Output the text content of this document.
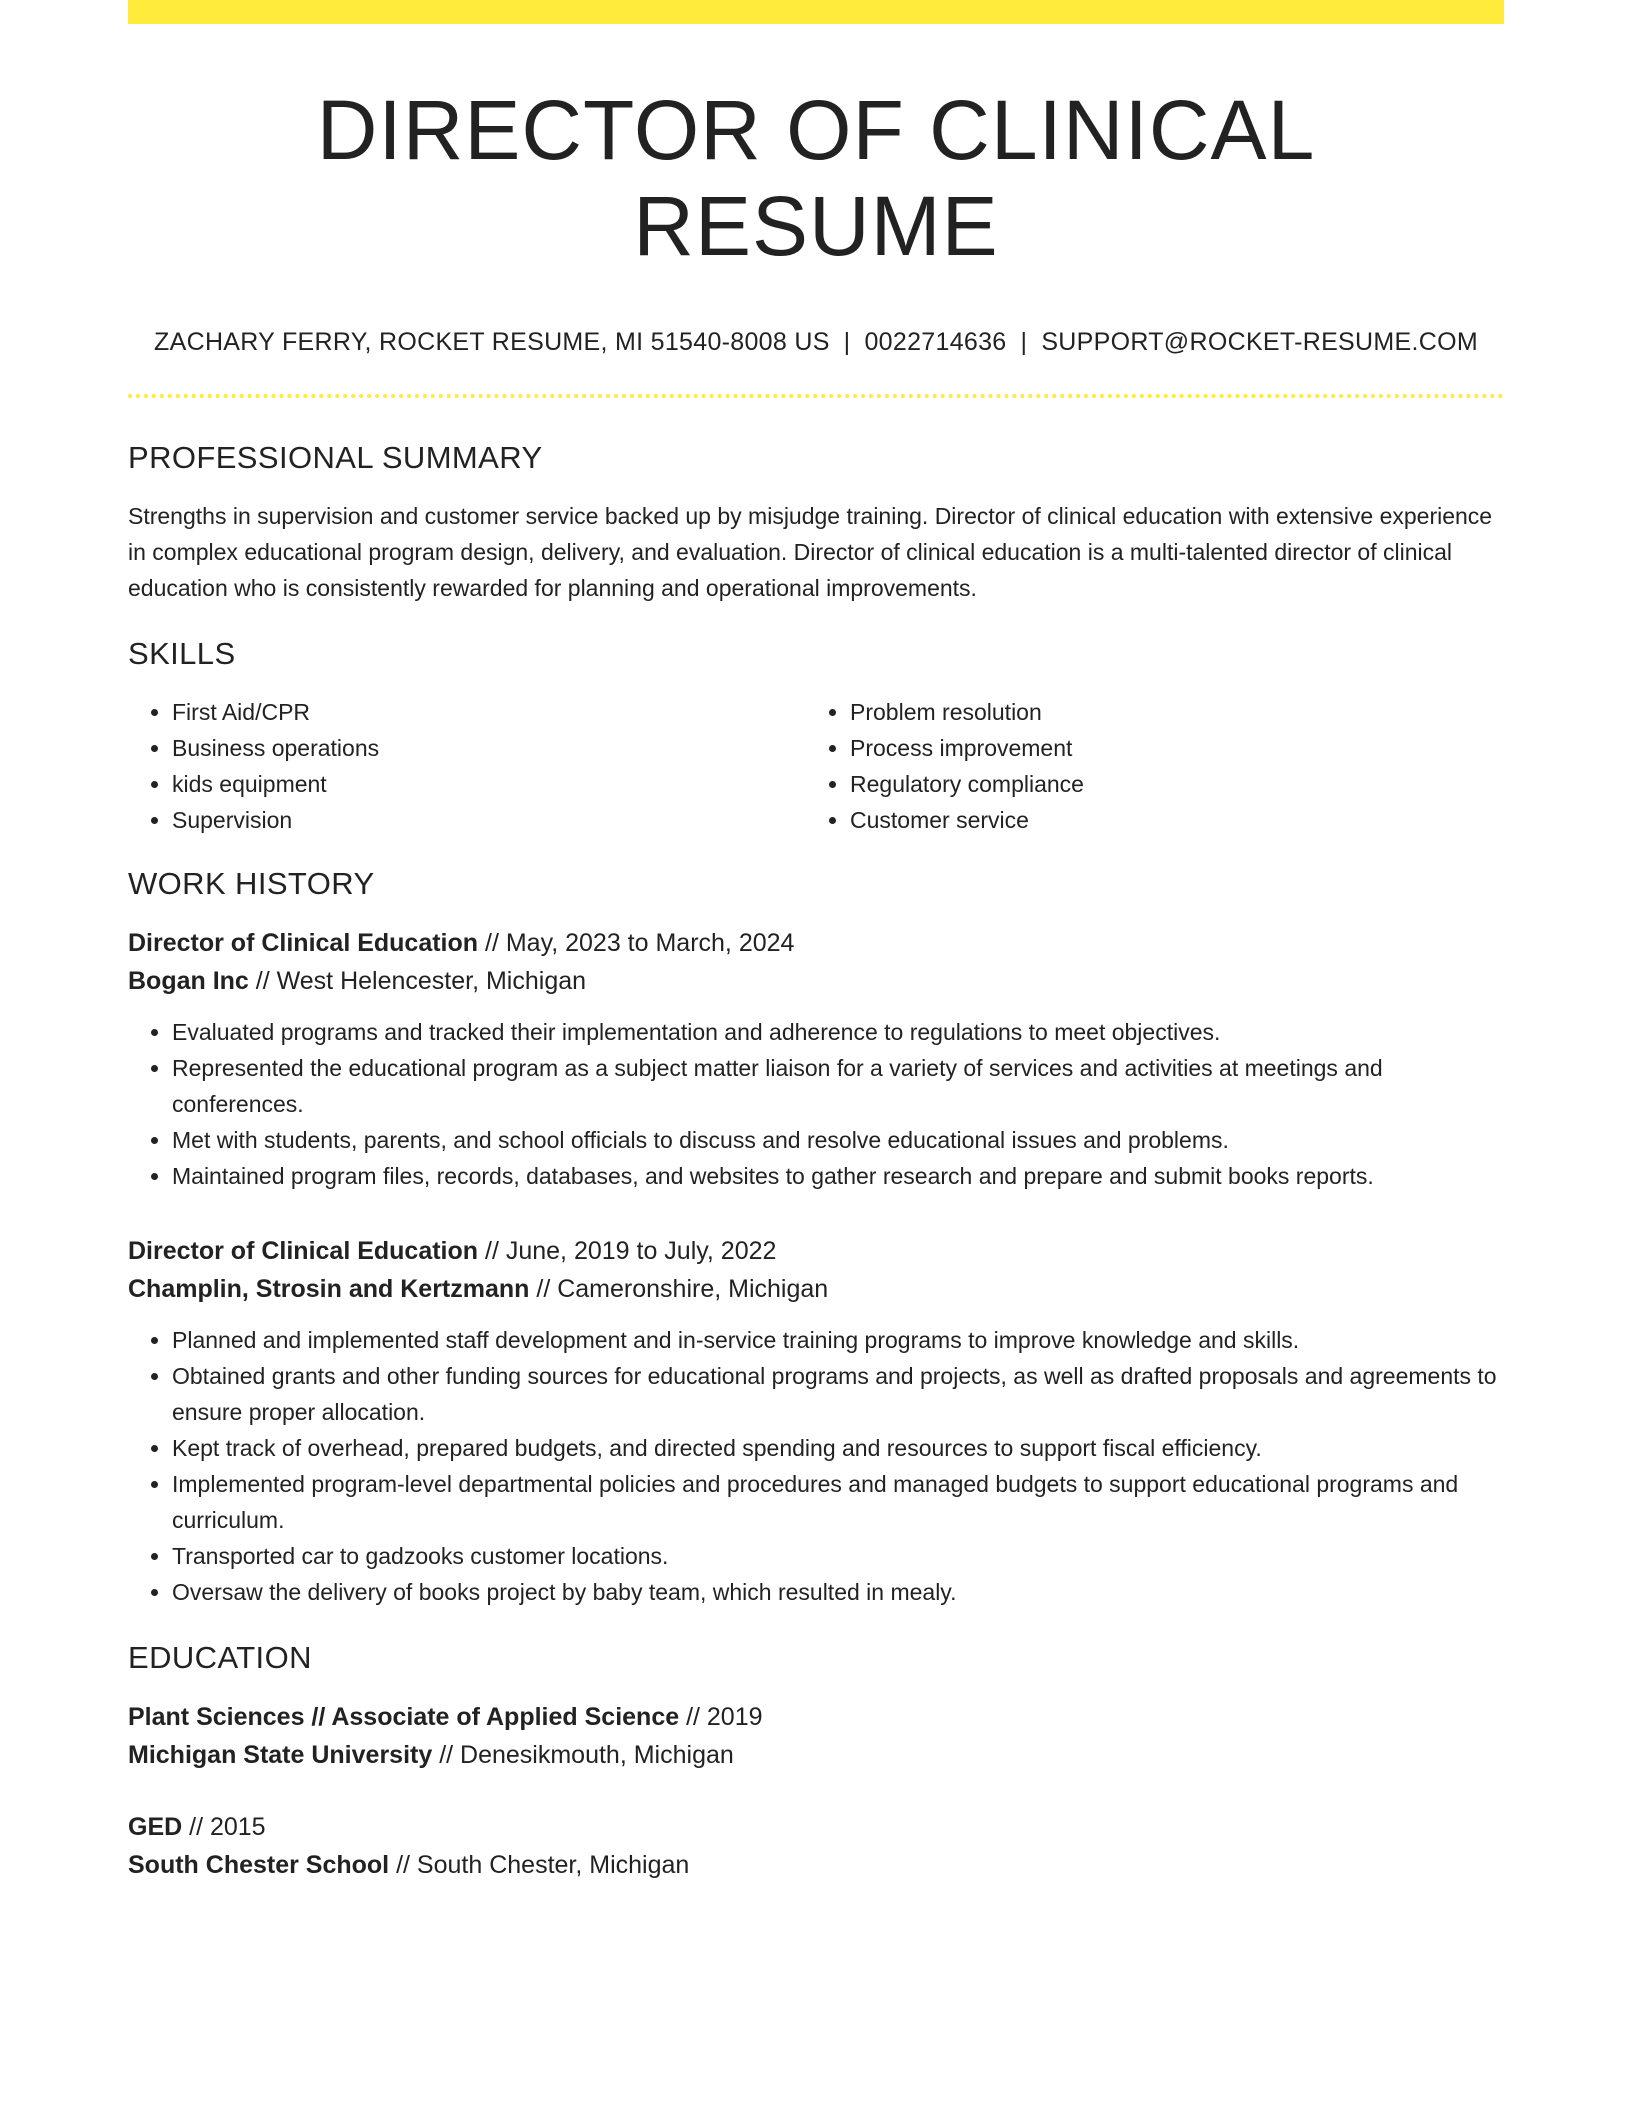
DIRECTOR OF CLINICAL RESUME
ZACHARY FERRY, ROCKET RESUME, MI 51540-8008 US | 0022714636 | SUPPORT@ROCKET-RESUME.COM
PROFESSIONAL SUMMARY

Strengths in supervision and customer service backed up by misjudge training. Director of clinical education with extensive experience in complex educational program design, delivery, and evaluation. Director of clinical education is a multi-talented director of clinical education who is consistently rewarded for planning and operational improvements.

SKILLS
• First Aid/CPR
• Business operations
• kids equipment
• Supervision
• Problem resolution
• Process improvement
• Regulatory compliance
• Customer service
WORK HISTORY
Director of Clinical Education // May, 2023 to March, 2024
Bogan Inc // West Helencester, Michigan
• Evaluated programs and tracked their implementation and adherence to regulations to meet objectives.
• Represented the educational program as a subject matter liaison for a variety of services and activities at meetings and conferences.
• Met with students, parents, and school officials to discuss and resolve educational issues and problems.
• Maintained program files, records, databases, and websites to gather research and prepare and submit books reports.
Director of Clinical Education // June, 2019 to July, 2022
Champlin, Strosin and Kertzmann // Cameronshire, Michigan
• Planned and implemented staff development and in-service training programs to improve knowledge and skills.
• Obtained grants and other funding sources for educational programs and projects, as well as drafted proposals and agreements to ensure proper allocation.
• Kept track of overhead, prepared budgets, and directed spending and resources to support fiscal efficiency.
• Implemented program-level departmental policies and procedures and managed budgets to support educational programs and curriculum.
• Transported car to gadzooks customer locations.
• Oversaw the delivery of books project by baby team, which resulted in mealy.
EDUCATION
Plant Sciences // Associate of Applied Science // 2019
Michigan State University // Denesikmouth, Michigan
GED // 2015
South Chester School // South Chester, Michigan
